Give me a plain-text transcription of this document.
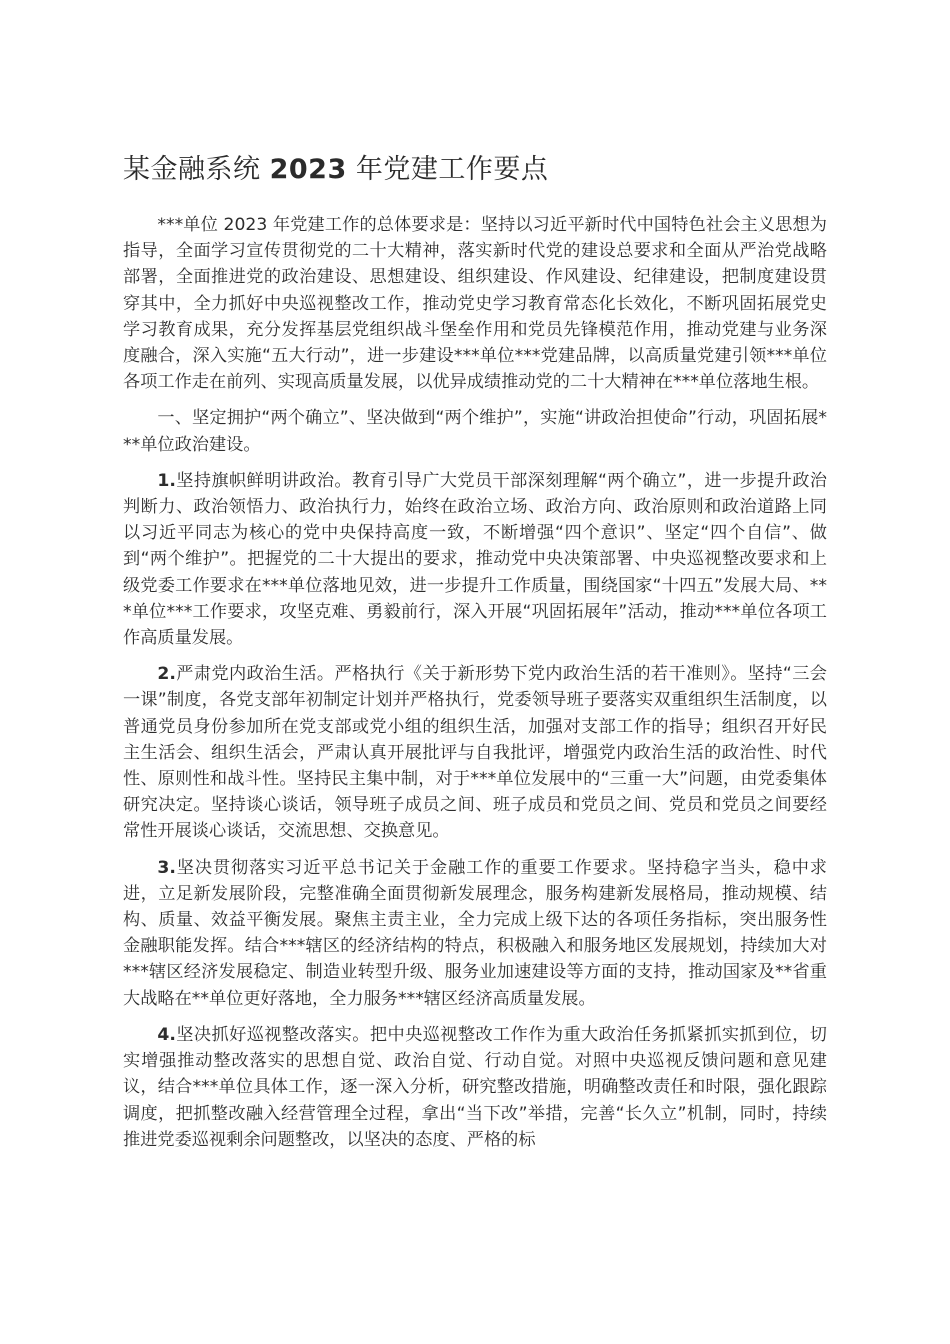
某金融系统 2023 年党建工作要点

***单位 2023 年党建工作的总体要求是：坚持以习近平新时代中国特色社会主义思想为指导，全面学习宣传贯彻党的二十大精神，落实新时代党的建设总要求和全面从严治党战略部署，全面推进党的政治建设、思想建设、组织建设、作风建设、纪律建设，把制度建设贯穿其中，全力抓好中央巡视整改工作，推动党史学习教育常态化长效化，不断巩固拓展党史学习教育成果，充分发挥基层党组织战斗堡垒作用和党员先锋模范作用，推动党建与业务深度融合，深入实施“五大行动”，进一步建设***单位***党建品牌，以高质量党建引领***单位各项工作走在前列、实现高质量发展，以优异成绩推动党的二十大精神在***单位落地生根。

一、坚定拥护“两个确立”、坚决做到“两个维护”，实施“讲政治担使命”行动，巩固拓展***单位政治建设。

1.坚持旗帜鲜明讲政治。教育引导广大党员干部深刻理解“两个确立”，进一步提升政治判断力、政治领悟力、政治执行力，始终在政治立场、政治方向、政治原则和政治道路上同以习近平同志为核心的党中央保持高度一致，不断增强“四个意识”、坚定“四个自信”、做到“两个维护”。把握党的二十大提出的要求，推动党中央决策部署、中央巡视整改要求和上级党委工作要求在***单位落地见效，进一步提升工作质量，围绕国家“十四五”发展大局、***单位***工作要求，攻坚克难、勇毅前行，深入开展“巩固拓展年”活动，推动***单位各项工作高质量发展。

2.严肃党内政治生活。严格执行《关于新形势下党内政治生活的若干准则》。坚持“三会一课”制度，各党支部年初制定计划并严格执行，党委领导班子要落实双重组织生活制度，以普通党员身份参加所在党支部或党小组的组织生活，加强对支部工作的指导；组织召开好民主生活会、组织生活会，严肃认真开展批评与自我批评，增强党内政治生活的政治性、时代性、原则性和战斗性。坚持民主集中制，对于***单位发展中的“三重一大”问题，由党委集体研究决定。坚持谈心谈话，领导班子成员之间、班子成员和党员之间、党员和党员之间要经常性开展谈心谈话，交流思想、交换意见。

3.坚决贯彻落实习近平总书记关于金融工作的重要工作要求。坚持稳字当头，稳中求进，立足新发展阶段，完整准确全面贯彻新发展理念，服务构建新发展格局，推动规模、结构、质量、效益平衡发展。聚焦主责主业，全力完成上级下达的各项任务指标，突出服务性金融职能发挥。结合***辖区的经济结构的特点，积极融入和服务地区发展规划，持续加大对***辖区经济发展稳定、制造业转型升级、服务业加速建设等方面的支持，推动国家及**省重大战略在**单位更好落地，全力服务***辖区经济高质量发展。

4.坚决抓好巡视整改落实。把中央巡视整改工作作为重大政治任务抓紧抓实抓到位，切实增强推动整改落实的思想自觉、政治自觉、行动自觉。对照中央巡视反馈问题和意见建议，结合***单位具体工作，逐一深入分析，研究整改措施，明确整改责任和时限，强化跟踪调度，把抓整改融入经营管理全过程，拿出“当下改”举措，完善“长久立”机制，同时，持续推进党委巡视剩余问题整改，以坚决的态度、严格的标
